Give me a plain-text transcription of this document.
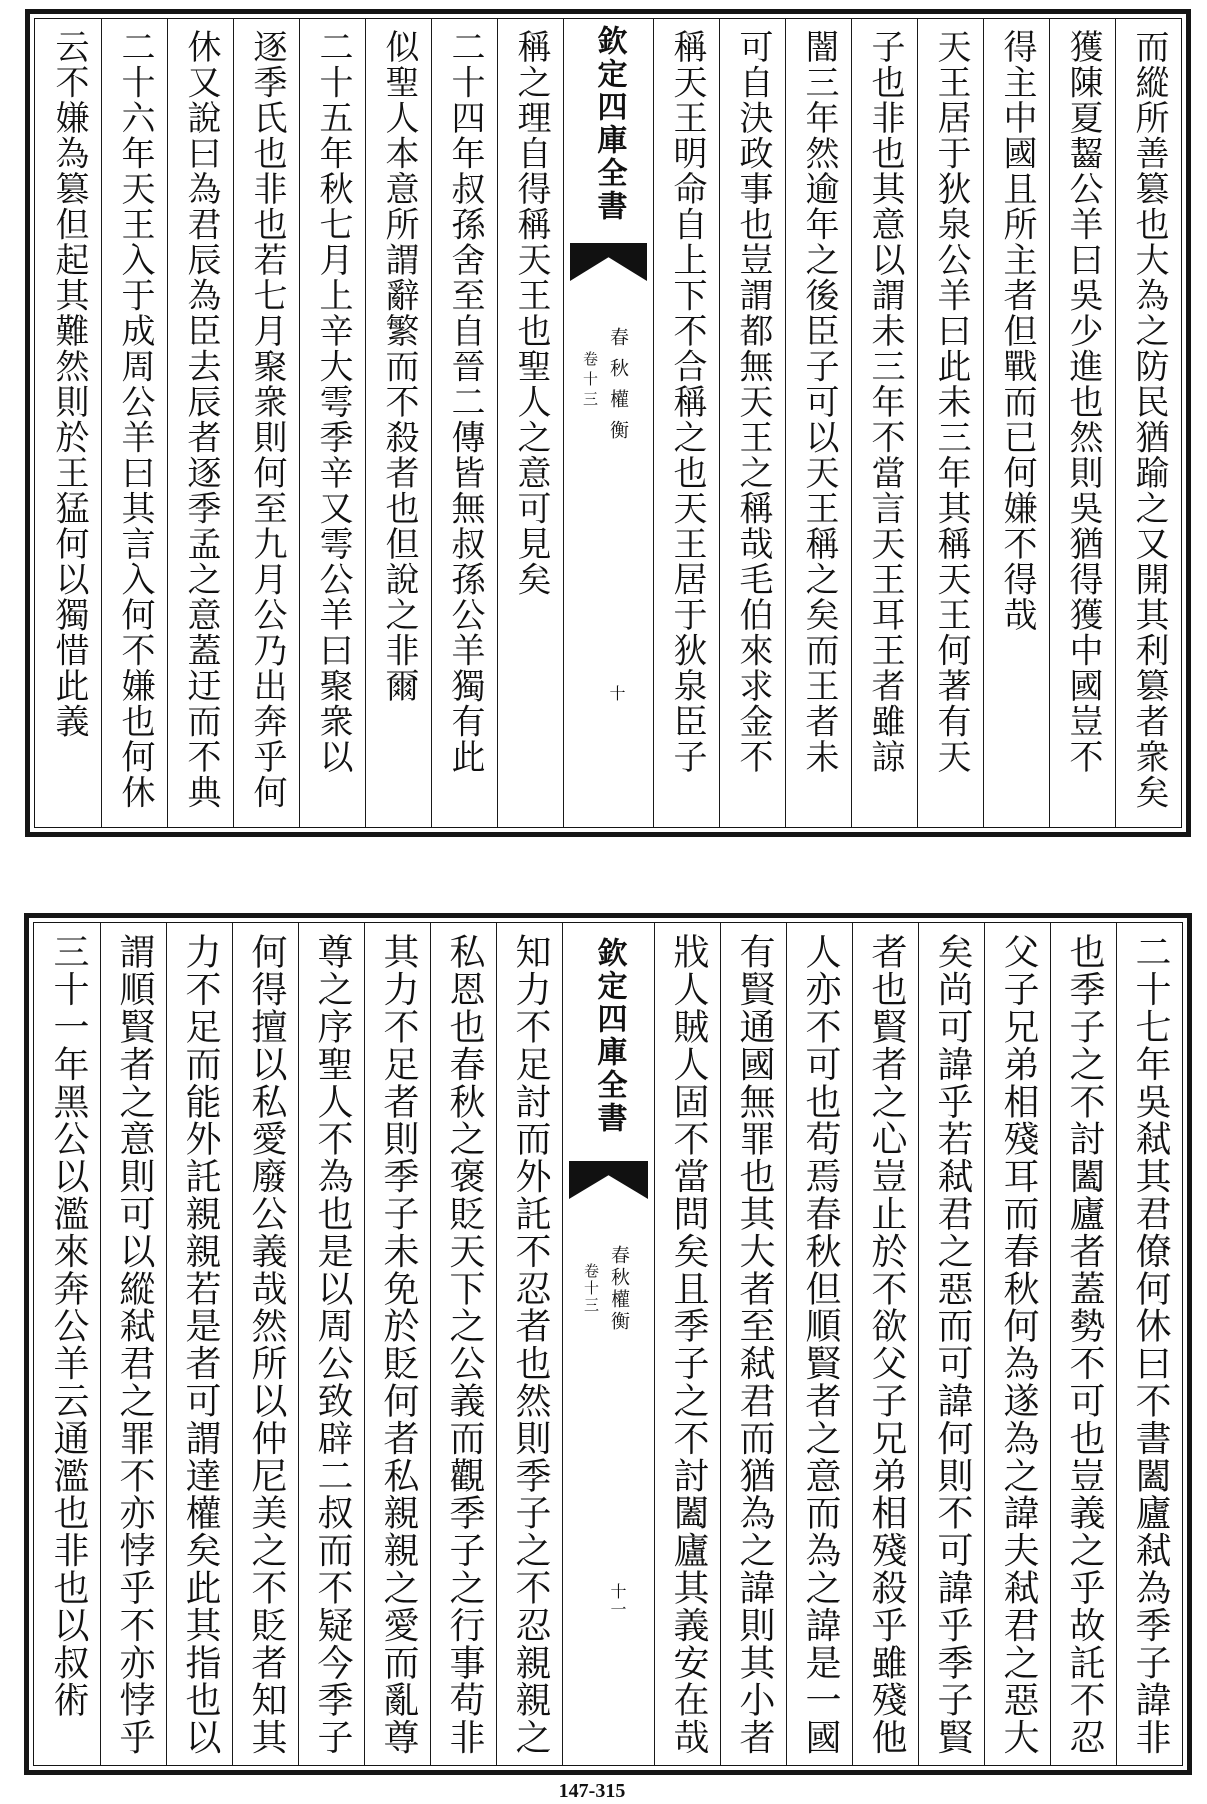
而縱所善篡也大為之防民猶踰之又開其利篡者衆矣
獲陳夏齧公羊曰吳少進也然則吳猶得獲中國豈不
得主中國且所主者但戰而已何嫌不得哉
天王居于狄泉公羊曰此未三年其稱天王何著有天
子也非也其意以謂未三年不當言天王耳王者雖諒
闇三年然逾年之後臣子可以天王稱之矣而王者未
可自決政事也豈謂都無天王之稱哉毛伯來求金不
稱天王明命自上下不合稱之也天王居于狄泉臣子
欽定四庫全書
春秋權衡
卷十三
十
稱之理自得稱天王也聖人之意可見矣
二十四年叔孫舍至自晉二傳皆無叔孫公羊獨有此
似聖人本意所謂辭繁而不殺者也但說之非爾
二十五年秋七月上辛大雩季辛又雩公羊曰聚衆以
逐季氏也非也若七月聚衆則何至九月公乃出奔乎何
休又說曰為君辰為臣去辰者逐季孟之意蓋迂而不典
二十六年天王入于成周公羊曰其言入何不嫌也何休
云不嫌為篡但起其難然則於王猛何以獨惜此義
二十七年吳弒其君僚何休曰不書闔廬弒為季子諱非
也季子之不討闔廬者蓋勢不可也豈義之乎故託不忍
父子兄弟相殘耳而春秋何為遂為之諱夫弒君之惡大
矣尚可諱乎若弒君之惡而可諱何則不可諱乎季子賢
者也賢者之心豈止於不欲父子兄弟相殘殺乎雖殘他
人亦不可也苟焉春秋但順賢者之意而為之諱是一國
有賢通國無罪也其大者至弒君而猶為之諱則其小者
戕人賊人固不當問矣且季子之不討闔廬其義安在哉
欽定四庫全書
春秋權衡
卷十三
十一
知力不足討而外託不忍者也然則季子之不忍親親之
私恩也春秋之褒貶天下之公義而觀季子之行事苟非
其力不足者則季子未免於貶何者私親親之愛而亂尊
尊之序聖人不為也是以周公致辟二叔而不疑今季子
何得擅以私愛廢公義哉然所以仲尼美之不貶者知其
力不足而能外託親親若是者可謂達權矣此其指也以
謂順賢者之意則可以縱弒君之罪不亦悖乎不亦悖乎
三十一年黑公以濫來奔公羊云通濫也非也以叔術
147-315
